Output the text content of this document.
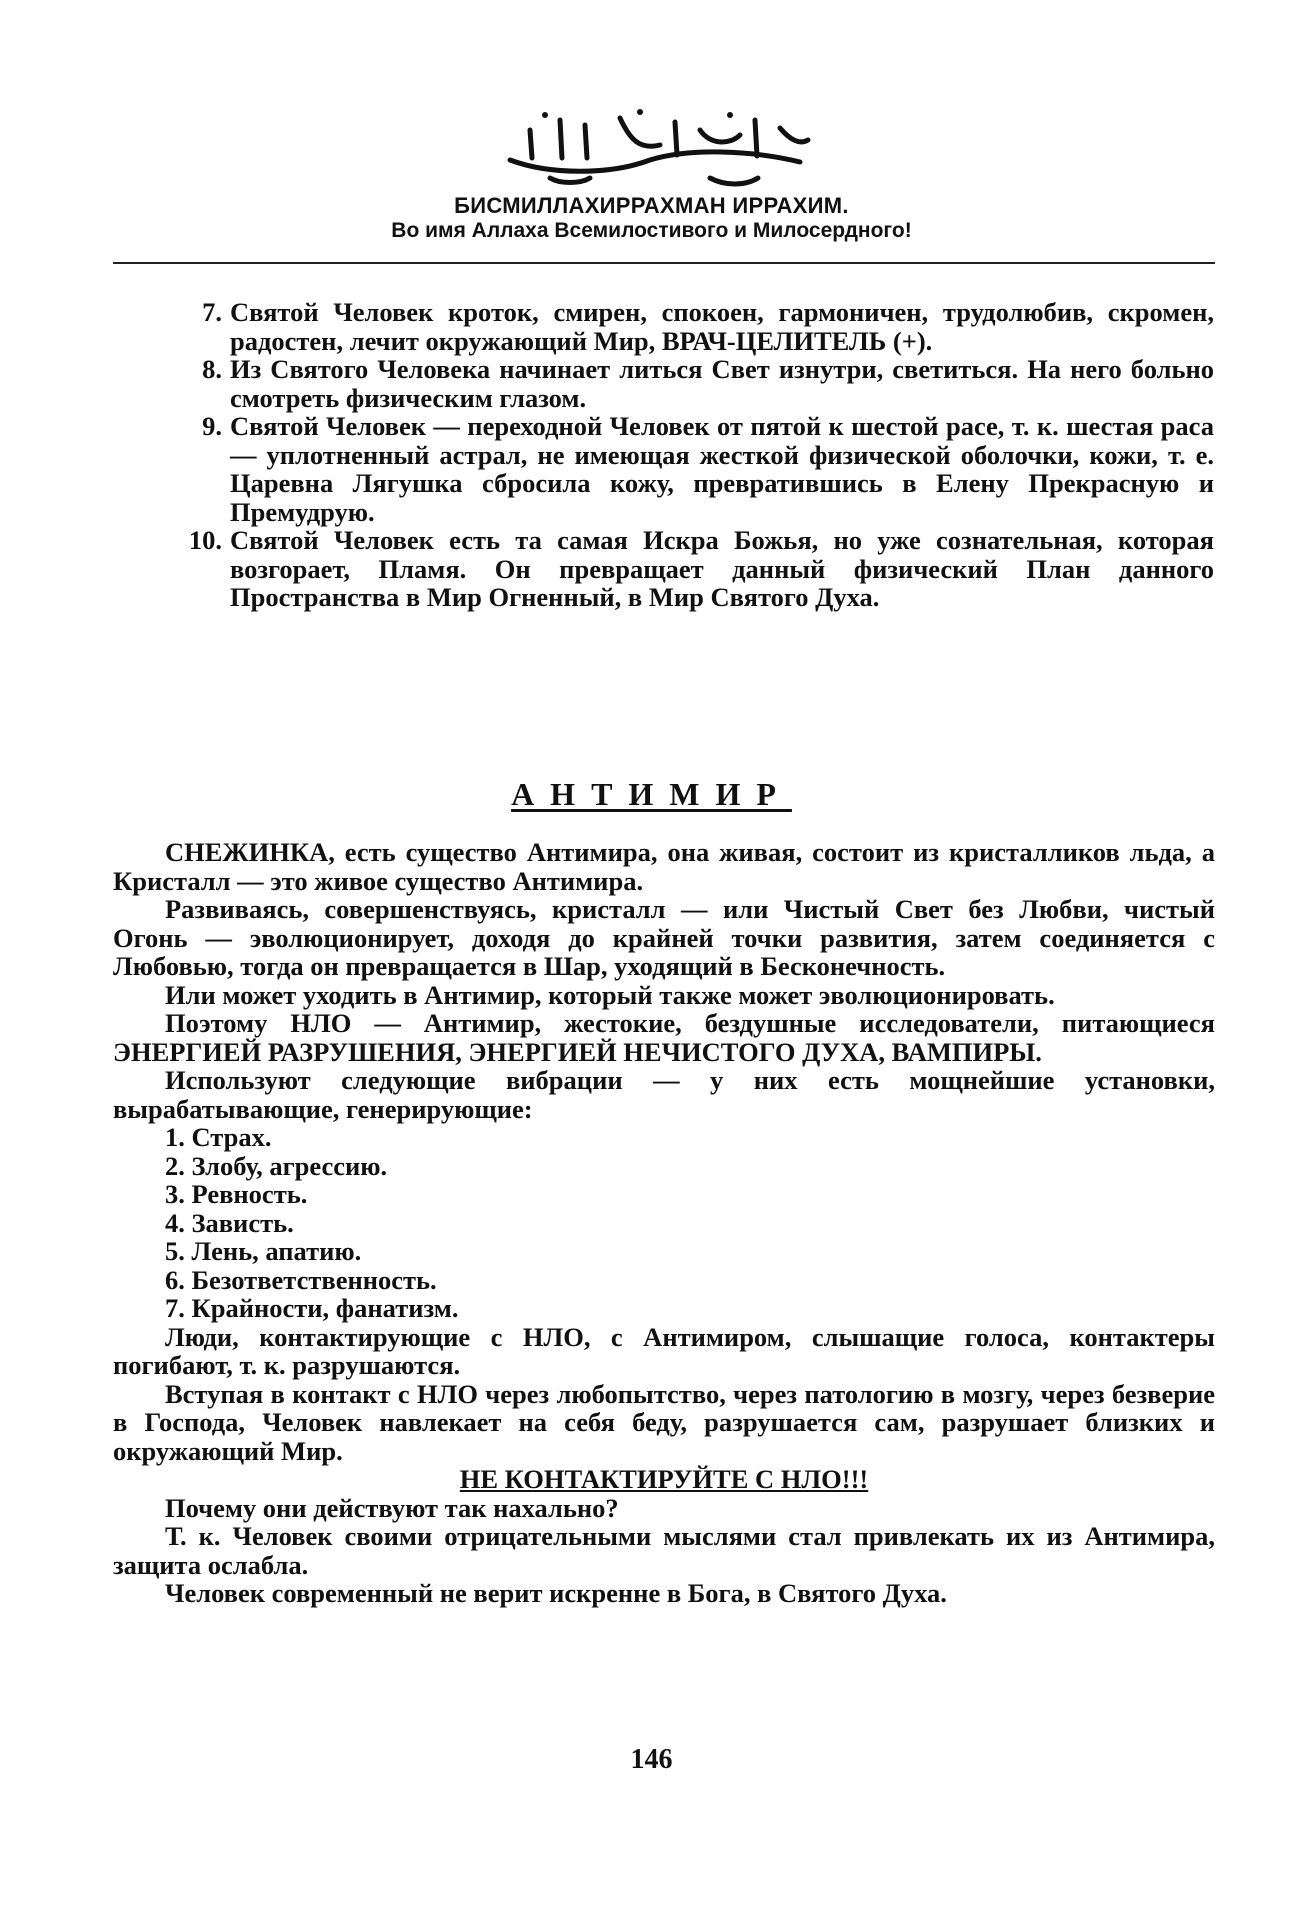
БИСМИЛЛАХИРРАХМАН ИРРАХИМ.
Во имя Аллаха Всемилостивого и Милосердного!
7. Святой Человек кроток, смирен, спокоен, гармоничен, трудолюбив, скромен, радостен, лечит окружающий Мир, ВРАЧ-ЦЕЛИТЕЛЬ (+).
8. Из Святого Человека начинает литься Свет изнутри, светиться. На него больно смотреть физическим глазом.
9. Святой Человек — переходной Человек от пятой к шестой расе, т. к. шестая раса — уплотненный астрал, не имеющая жесткой физической оболочки, кожи, т. е. Царевна Лягушка сбросила кожу, превратившись в Елену Прекрасную и Премудрую.
10. Святой Человек есть та самая Искра Божья, но уже сознательная, которая возгорает, Пламя. Он превращает данный физический План данного Пространства в Мир Огненный, в Мир Святого Духа.
АНТИМИР

СНЕЖИНКА, есть существо Антимира, она живая, состоит из кристалликов льда, а Кристалл — это живое существо Антимира.

Развиваясь, совершенствуясь, кристалл — или Чистый Свет без Любви, чистый Огонь — эволюционирует, доходя до крайней точки развития, затем соединяется с Любовью, тогда он превращается в Шар, уходящий в Бесконечность.

Или может уходить в Антимир, который также может эволюционировать.

Поэтому НЛО — Антимир, жестокие, бездушные исследователи, питающиеся ЭНЕРГИЕЙ РАЗРУШЕНИЯ, ЭНЕРГИЕЙ НЕЧИСТОГО ДУХА, ВАМПИРЫ.

Используют следующие вибрации — у них есть мощнейшие установки, вырабатывающие, генерирующие:

1. Страх.
2. Злобу, агрессию.
3. Ревность.
4. Зависть.
5. Лень, апатию.
6. Безответственность.
7. Крайности, фанатизм.

Люди, контактирующие с НЛО, с Антимиром, слышащие голоса, контактеры погибают, т. к. разрушаются.

Вступая в контакт с НЛО через любопытство, через патологию в мозгу, через безверие в Господа, Человек навлекает на себя беду, разрушается сам, разрушает близких и окружающий Мир.

НЕ КОНТАКТИРУЙТЕ С НЛО!!!

Почему они действуют так нахально?

Т. к. Человек своими отрицательными мыслями стал привлекать их из Антимира, защита ослабла.

Человек современный не верит искренне в Бога, в Святого Духа.

146
